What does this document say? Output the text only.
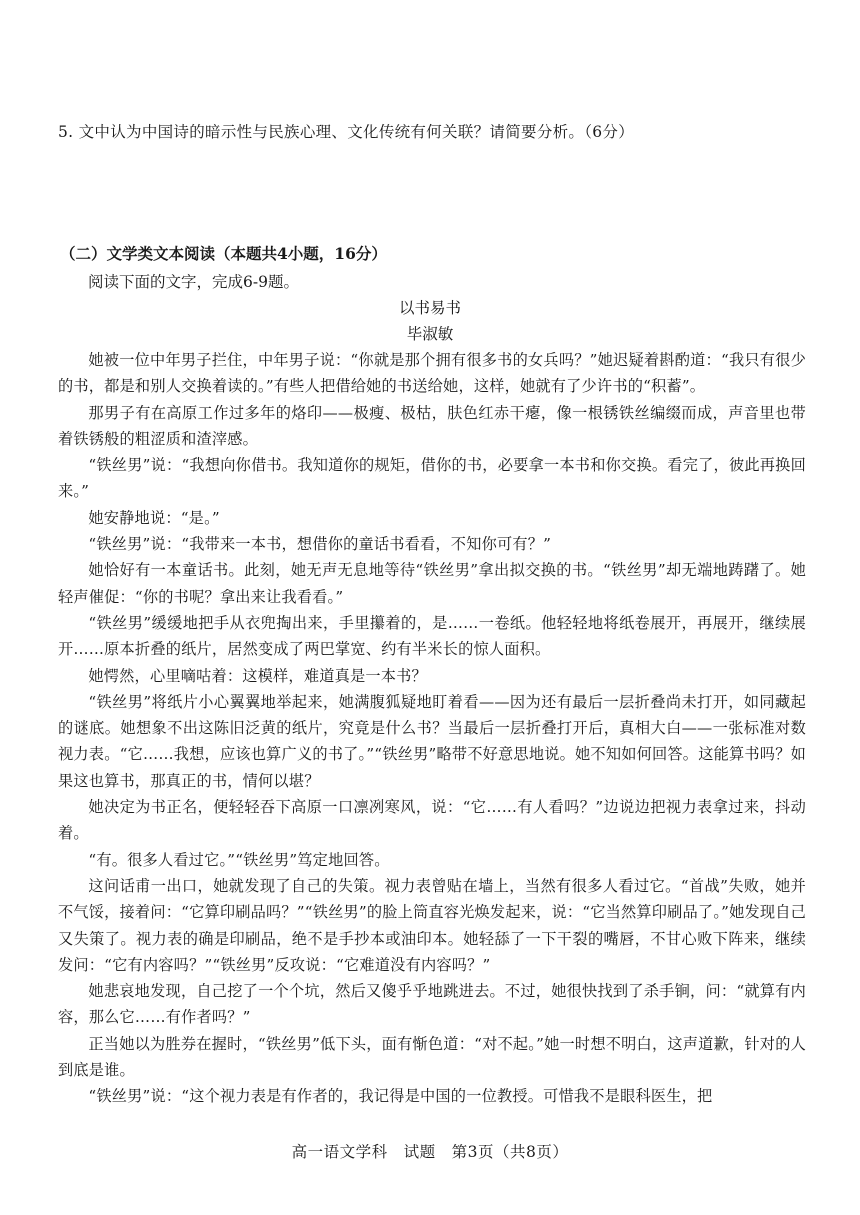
5. 文中认为中国诗的暗示性与民族心理、文化传统有何关联？请简要分析。（6分）
（二）文学类文本阅读（本题共4小题，16分）
阅读下面的文字，完成6-9题。
以书易书
毕淑敏

她被一位中年男子拦住，中年男子说：“你就是那个拥有很多书的女兵吗？”她迟疑着斟酌道：“我只有很少的书，都是和别人交换着读的。”有些人把借给她的书送给她，这样，她就有了少许书的“积蓄”。

那男子有在高原工作过多年的烙印——极瘦、极枯，肤色红赤干瘪，像一根锈铁丝编缀而成，声音里也带着铁锈般的粗涩质和渣滓感。

“铁丝男”说：“我想向你借书。我知道你的规矩，借你的书，必要拿一本书和你交换。看完了，彼此再换回来。”

她安静地说：“是。”

“铁丝男”说：“我带来一本书，想借你的童话书看看，不知你可有？”

她恰好有一本童话书。此刻，她无声无息地等待“铁丝男”拿出拟交换的书。“铁丝男”却无端地踌躇了。她轻声催促：“你的书呢？拿出来让我看看。”

“铁丝男”缓缓地把手从衣兜掏出来，手里攥着的，是……一卷纸。他轻轻地将纸卷展开，再展开，继续展开……原本折叠的纸片，居然变成了两巴掌宽、约有半米长的惊人面积。

她愕然，心里嘀咕着：这模样，难道真是一本书？

“铁丝男”将纸片小心翼翼地举起来，她满腹狐疑地盯着看——因为还有最后一层折叠尚未打开，如同藏起的谜底。她想象不出这陈旧泛黄的纸片，究竟是什么书？当最后一层折叠打开后，真相大白——一张标准对数视力表。“它……我想，应该也算广义的书了。”“铁丝男”略带不好意思地说。她不知如何回答。这能算书吗？如果这也算书，那真正的书，情何以堪？

她决定为书正名，便轻轻吞下高原一口凛冽寒风，说：“它……有人看吗？”边说边把视力表拿过来，抖动着。

“有。很多人看过它。”“铁丝男”笃定地回答。

这问话甫一出口，她就发现了自己的失策。视力表曾贴在墙上，当然有很多人看过它。“首战”失败，她并不气馁，接着问：“它算印刷品吗？”“铁丝男”的脸上筒直容光焕发起来，说：“它当然算印刷品了。”她发现自己又失策了。视力表的确是印刷品，绝不是手抄本或油印本。她轻舔了一下干裂的嘴唇，不甘心败下阵来，继续发问：“它有内容吗？”“铁丝男”反攻说：“它难道没有内容吗？”

她悲哀地发现，自己挖了一个个坑，然后又傻乎乎地跳进去。不过，她很快找到了杀手锏，问：“就算有内容，那么它……有作者吗？”

正当她以为胜券在握时，“铁丝男”低下头，面有惭色道：“对不起。”她一时想不明白，这声道歉，针对的人到底是谁。

“铁丝男”说：“这个视力表是有作者的，我记得是中国的一位教授。可惜我不是眼科医生，把

高一语文学科　试题　第3页（共8页）
